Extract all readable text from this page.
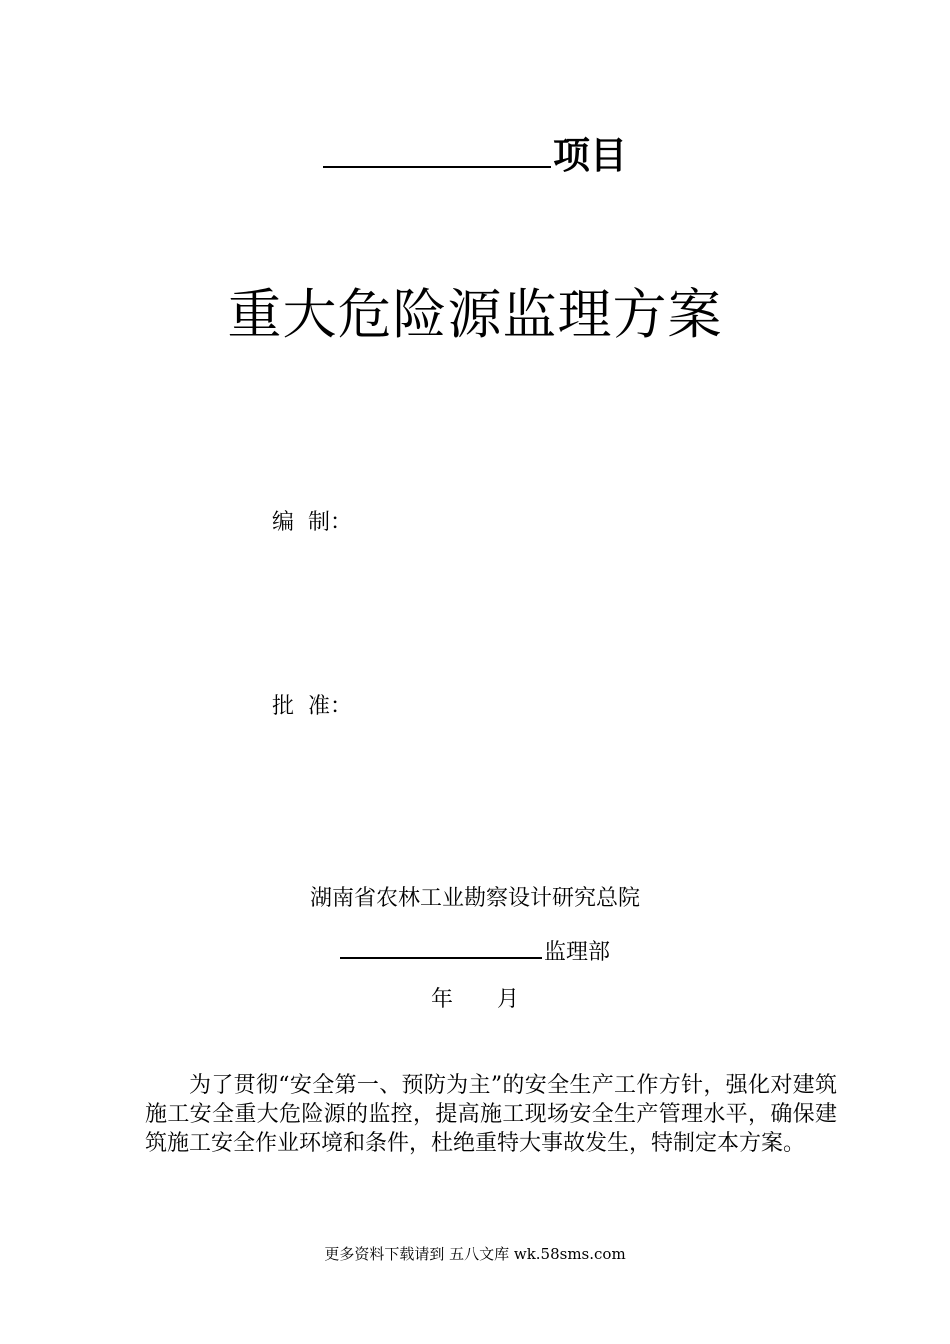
项目
重大危险源监理方案
编  制：
批  准：
湖南省农林工业勘察设计研究总院
监理部
年 月

为了贯彻“安全第一、预防为主”的安全生产工作方针，强化对建筑施工安全重大危险源的监控，提高施工现场安全生产管理水平，确保建筑施工安全作业环境和条件，杜绝重特大事故发生，特制定本方案。

更多资料下载请到 五八文库 wk.58sms.com
